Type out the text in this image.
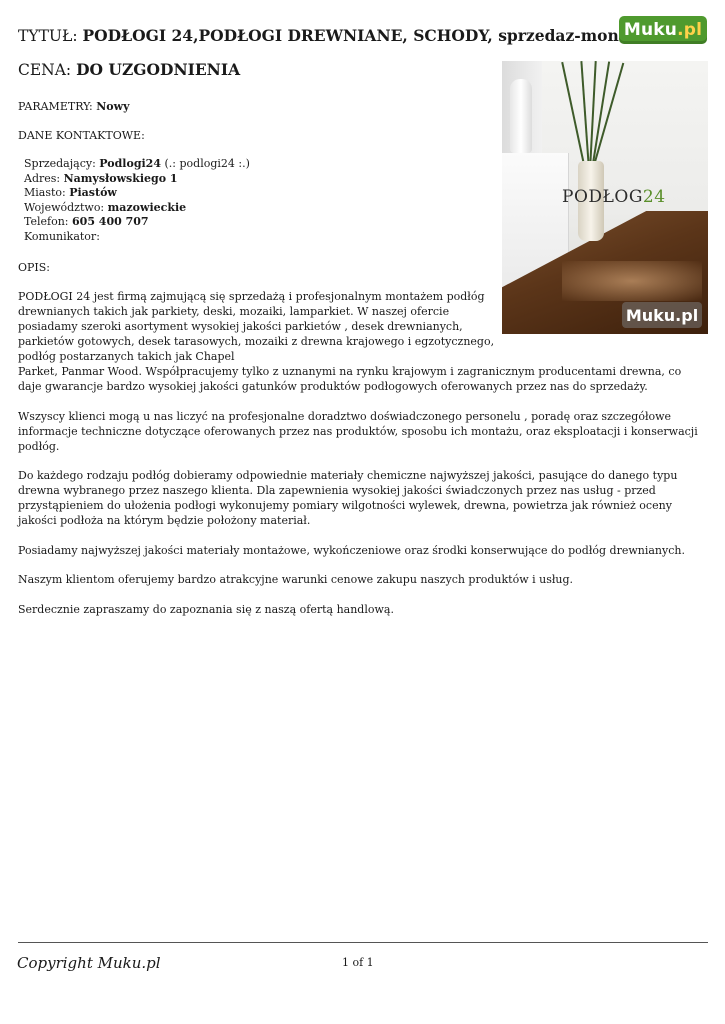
Muku .pl
TYTUŁ: PODŁOGI 24,PODŁOGI DREWNIANE, SCHODY, sprzedaz-mon
CENA: DO UZGODNIENIA
PODŁOG24
Muku.pl
PARAMETRY: Nowy
DANE KONTAKTOWE:
Sprzedający: Podlogi24 (.: podlogi24 :.)
Adres: Namysłowskiego 1
Miasto: Piastów
Województwo: mazowieckie
Telefon: 605 400 707
Komunikator:
OPIS:

PODŁOGI 24 jest firmą zajmującą się sprzedażą i profesjonalnym montażem podłóg drewnianych takich jak parkiety, deski, mozaiki, lamparkiet. W naszej ofercie posiadamy szeroki asortyment wysokiej jakości parkietów , desek drewnianych, parkietów gotowych, desek tarasowych, mozaiki z drewna krajowego i egzotycznego, podłóg postarzanych takich jak Chapel
Parket, Panmar Wood. Współpracujemy tylko z uznanymi na rynku krajowym i zagranicznym producentami drewna, co daje gwarancje bardzo wysokiej jakości gatunków produktów podłogowych oferowanych przez nas do sprzedaży.

Wszyscy klienci mogą u nas liczyć na profesjonalne doradztwo doświadczonego personelu , poradę oraz szczegółowe informacje techniczne dotyczące oferowanych przez nas produktów, sposobu ich montażu, oraz eksploatacji i konserwacji podłóg.

Do każdego rodzaju podłóg dobieramy odpowiednie materiały chemiczne najwyższej jakości, pasujące do danego typu drewna wybranego przez naszego klienta. Dla zapewnienia wysokiej jakości świadczonych przez nas usług - przed przystąpieniem do ułożenia podłogi wykonujemy pomiary wilgotności wylewek, drewna, powietrza jak również oceny jakości podłoża na którym będzie położony materiał.

Posiadamy najwyższej jakości materiały montażowe, wykończeniowe oraz środki konserwujące do podłóg drewnianych.

Naszym klientom oferujemy bardzo atrakcyjne warunki cenowe zakupu naszych produktów i usług.

Serdecznie zapraszamy do zapoznania się z naszą ofertą handlową.

Copyright Muku.pl	1 of 1
